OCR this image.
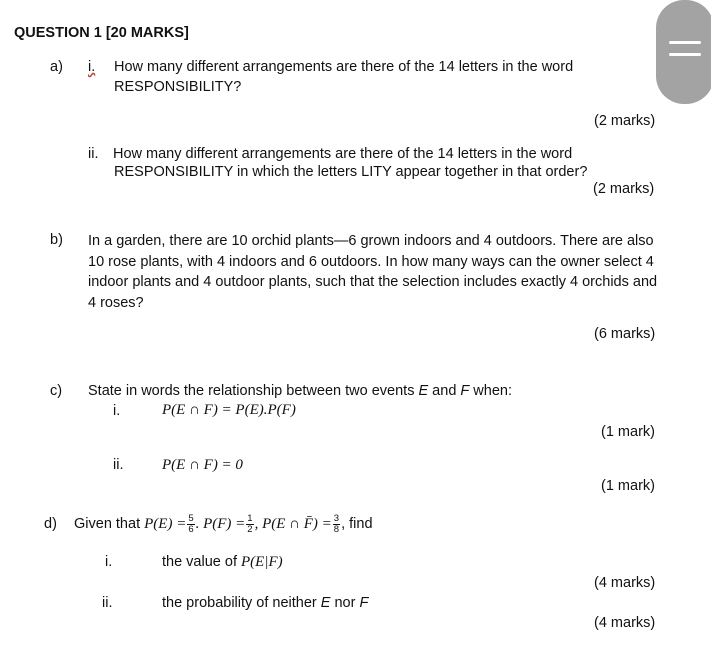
QUESTION 1 [20 MARKS]
a) i. How many different arrangements are there of the 14 letters in the word
RESPONSIBILITY?
(2 marks)
ii. How many different arrangements are there of the 14 letters in the word
RESPONSIBILITY in which the letters LITY appear together in that order?
(2 marks)
b) In a garden, there are 10 orchid plants—6 grown indoors and 4 outdoors. There are also 10 rose plants, with 4 indoors and 6 outdoors. In how many ways can the owner select 4 indoor plants and 4 outdoor plants, such that the selection includes exactly 4 orchids and 4 roses?
(6 marks)
c) State in words the relationship between two events E and F when:
i.	P(E ∩ F) = P(E).P(F)
(1 mark)
ii.	P(E ∩ F) = 0
(1 mark)
d) Given that $P(E) = \frac{5}{6}$ . $P(F) = \frac{1}{2}$ , P(E ∩ F̄) = $\frac{3}{8}$ , find
i.	the value of P(E|F)
(4 marks)
ii.	the probability of neither E nor F
(4 marks)
